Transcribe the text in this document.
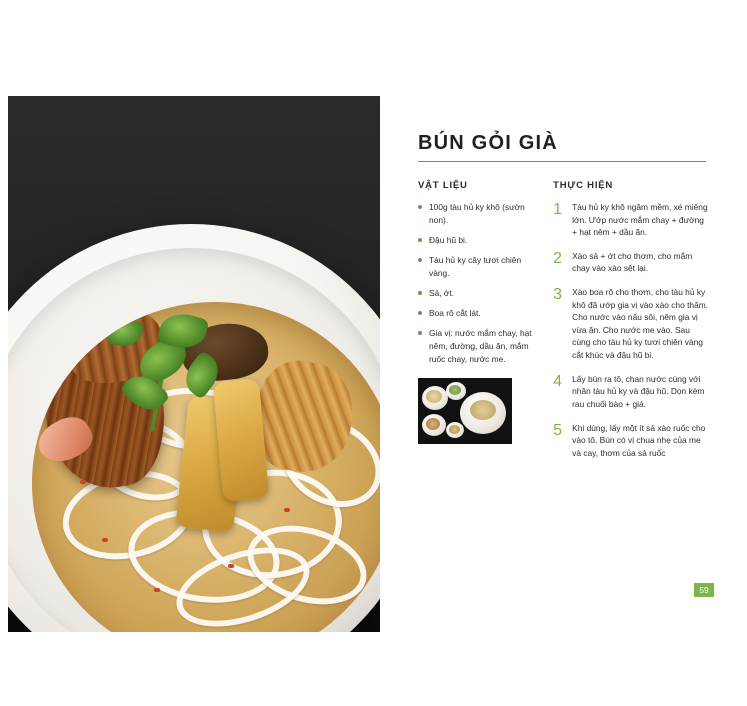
BÚN GỎI GIÀ
VẬT LIỆU
100g tàu hủ ky khô (sườn non).
Đậu hũ bi.
Tàu hủ ky cây tươi chiên vàng.
Sả, ớt.
Boa rô cắt lát.
Gia vị: nước mắm chay, hạt nêm, đường, dầu ăn, mắm ruốc chay, nước me.
THỰC HIỆN
1	Tàu hủ ky khô ngâm mềm, xé miếng lớn. Ướp nước mắm chay + đường + hạt nêm + dầu ăn.
2	Xào sả + ớt cho thơm, cho mắm chay vào xào sệt lại.
3	Xào boa rô cho thơm, cho tàu hủ ky khô đã ướp gia vị vào xào cho thấm. Cho nước vào nấu sôi, nêm gia vị vừa ăn. Cho nước me vào. Sau cùng cho tàu hủ ky tươi chiên vàng cắt khúc và đậu hũ bi.
4	Lấy bún ra tô, chan nước cùng với nhân tàu hủ ky và đậu hũ. Dọn kèm rau chuối bào + giá.
5	Khi dùng, lấy một ít sả xào ruốc cho vào tô. Bún có vị chua nhẹ của me và cay, thơm của sả ruốc
59
